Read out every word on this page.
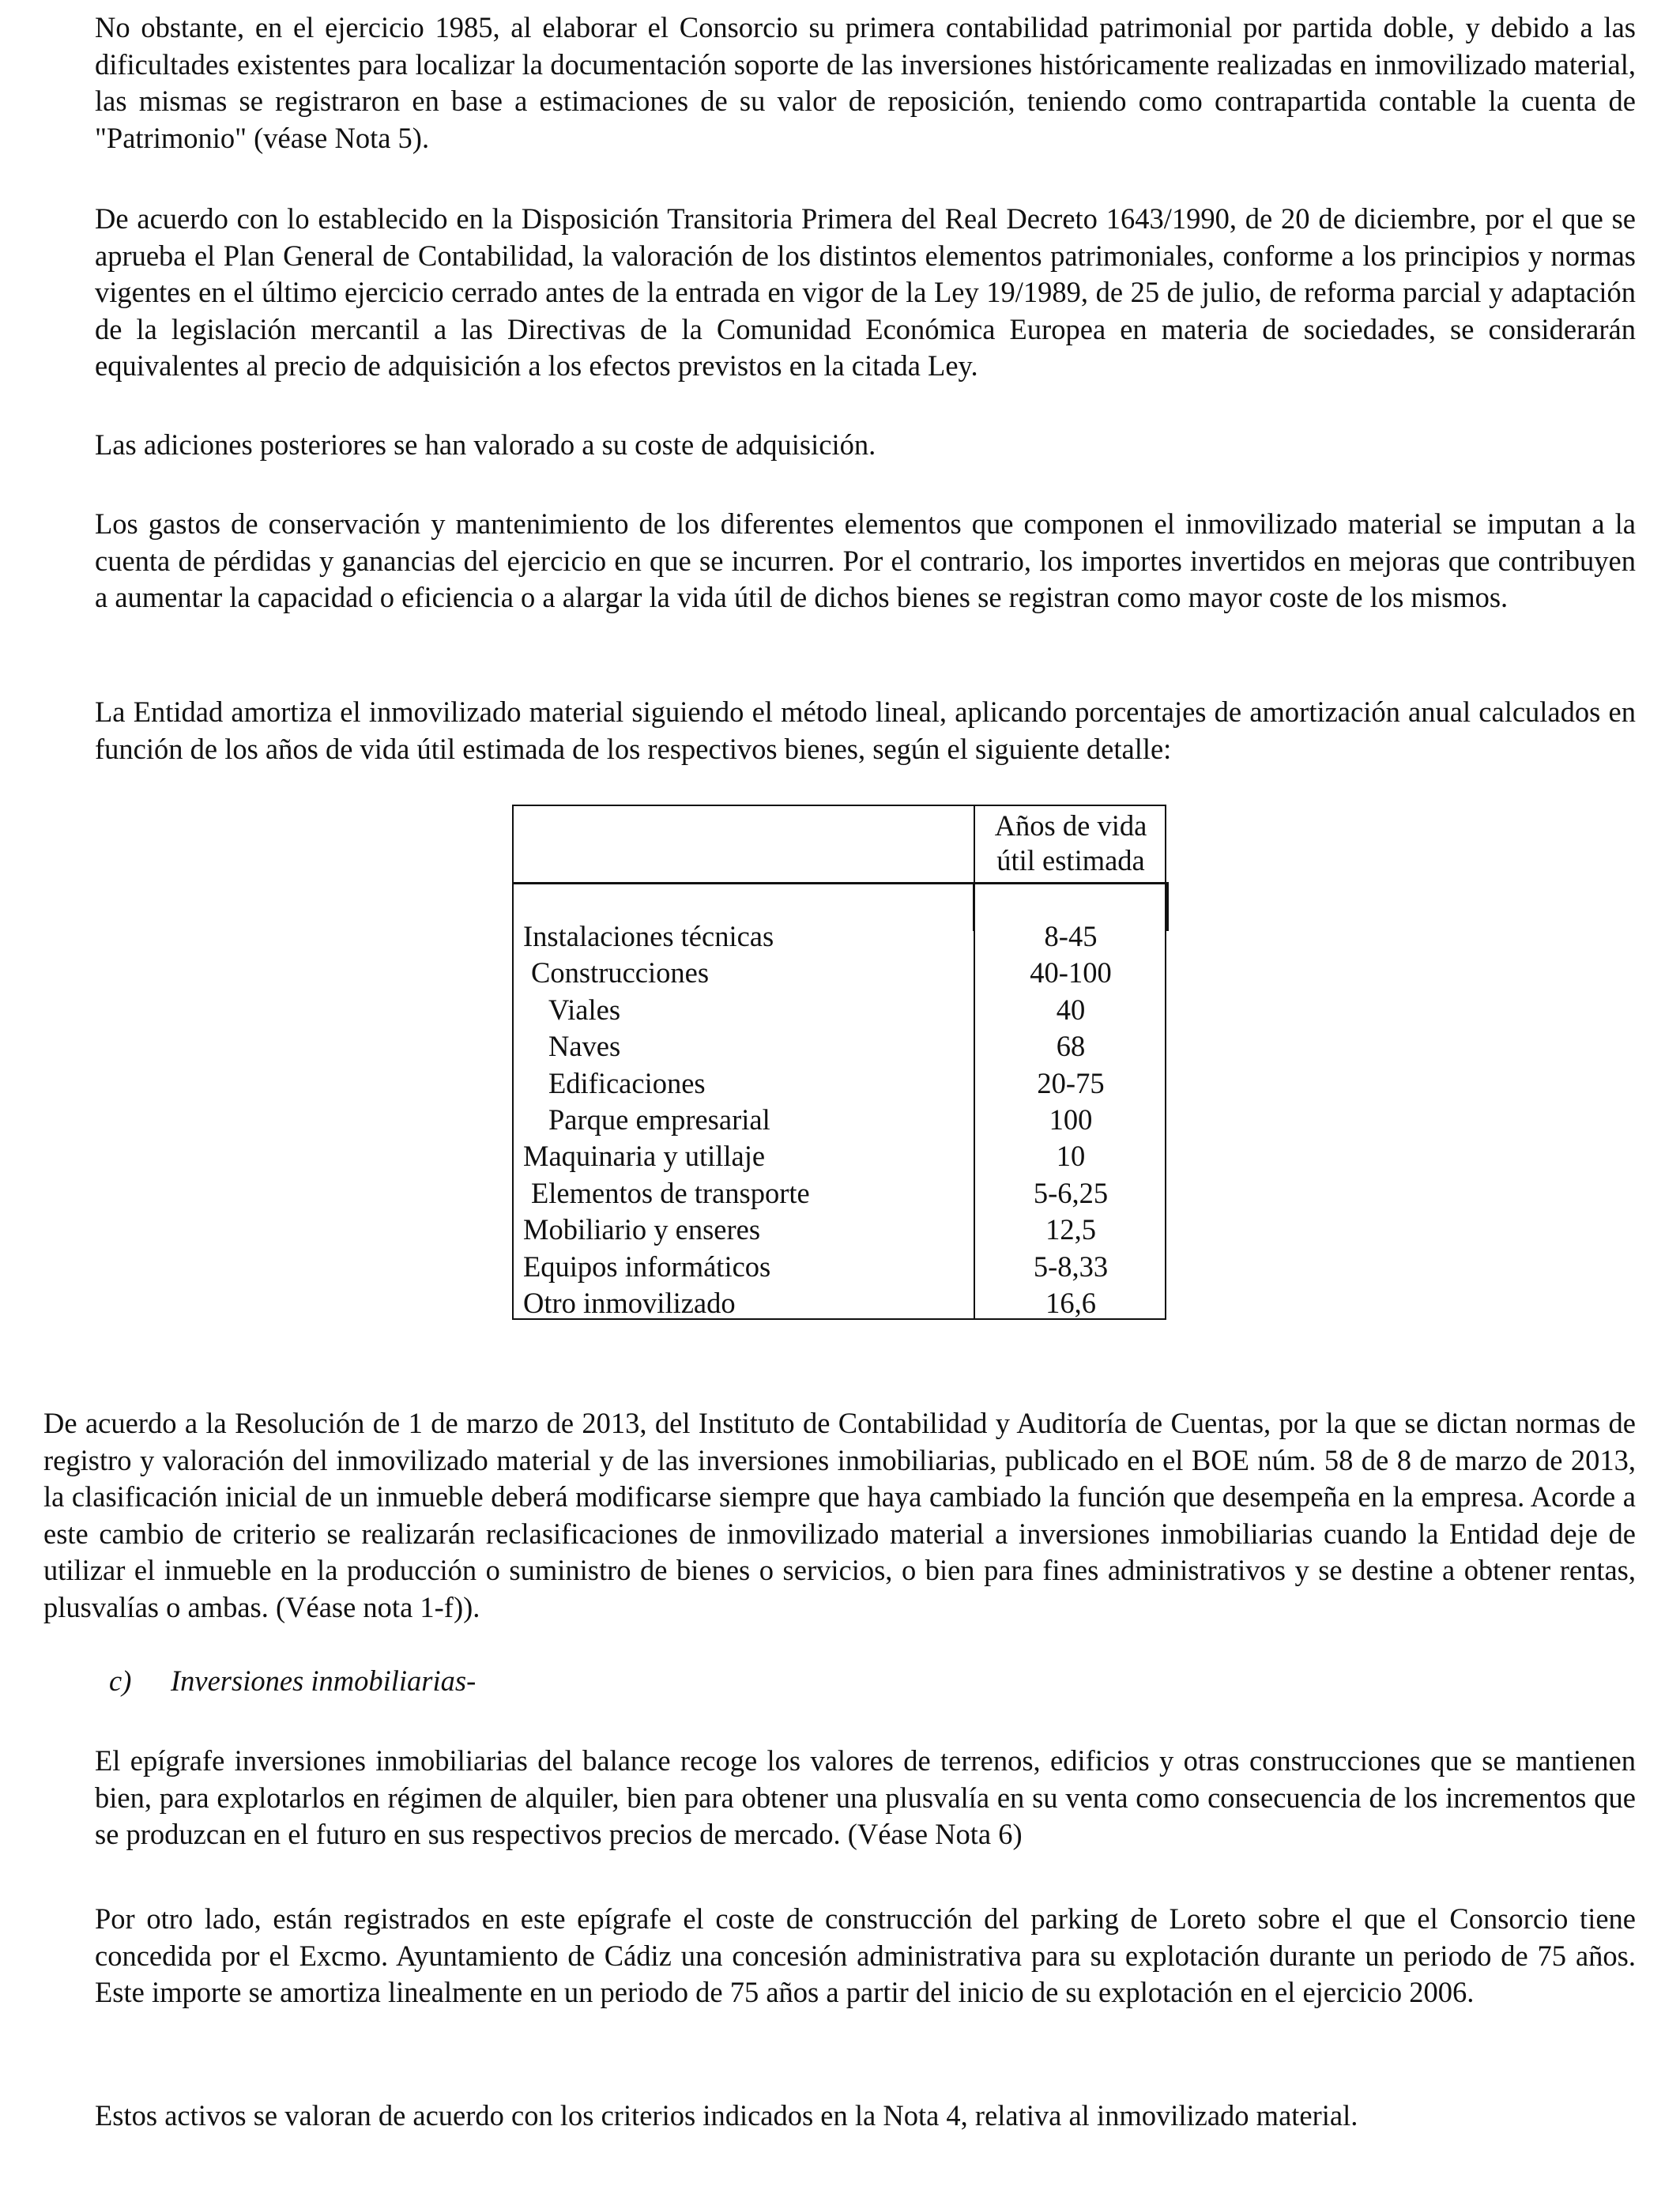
No obstante, en el ejercicio 1985, al elaborar el Consorcio su primera contabilidad patrimonial por partida doble, y debido a las dificultades existentes para localizar la documentación soporte de las inversiones históricamente realizadas en inmovilizado material, las mismas se registraron en base a estimaciones de su valor de reposición, teniendo como contrapartida contable la cuenta de "Patrimonio" (véase Nota 5).

De acuerdo con lo establecido en la Disposición Transitoria Primera del Real Decreto 1643/1990, de 20 de diciembre, por el que se aprueba el Plan General de Contabilidad, la valoración de los distintos elementos patrimoniales, conforme a los principios y normas vigentes en el último ejercicio cerrado antes de la entrada en vigor de la Ley 19/1989, de 25 de julio, de reforma parcial y adaptación de la legislación mercantil a las Directivas de la Comunidad Económica Europea en materia de sociedades, se considerarán equivalentes al precio de adquisición a los efectos previstos en la citada Ley.

Las adiciones posteriores se han valorado a su coste de adquisición.

Los gastos de conservación y mantenimiento de los diferentes elementos que componen el inmovilizado material se imputan a la cuenta de pérdidas y ganancias del ejercicio en que se incurren. Por el contrario, los importes invertidos en mejoras que contribuyen a aumentar la capacidad o eficiencia o a alargar la vida útil de dichos bienes se registran como mayor coste de los mismos.

La Entidad amortiza el inmovilizado material siguiendo el método lineal, aplicando porcentajes de amortización anual calculados en función de los años de vida útil estimada de los respectivos bienes, según el siguiente detalle:

Años de vida
útil estimada
Instalaciones técnicas
Construcciones
Viales
Naves
Edificaciones
Parque empresarial
Maquinaria y utillaje
Elementos de transporte
Mobiliario y enseres
Equipos informáticos
Otro inmovilizado
8-45
40-100
40
68
20-75
100
10
5-6,25
12,5
5-8,33
16,6

De acuerdo a la Resolución de 1 de marzo de 2013, del Instituto de Contabilidad y Auditoría de Cuentas, por la que se dictan normas de registro y valoración del inmovilizado material y de las inversiones inmobiliarias, publicado en el BOE núm. 58 de 8 de marzo de 2013, la clasificación inicial de un inmueble deberá modificarse siempre que haya cambiado la función que desempeña en la empresa. Acorde a este cambio de criterio se realizarán reclasificaciones de inmovilizado material a inversiones inmobiliarias cuando la Entidad deje de utilizar el inmueble en la producción o suministro de bienes o servicios, o bien para fines administrativos y se destine a obtener rentas, plusvalías o ambas. (Véase nota 1-f)).

c) Inversiones inmobiliarias-

El epígrafe inversiones inmobiliarias del balance recoge los valores de terrenos, edificios y otras construcciones que se mantienen bien, para explotarlos en régimen de alquiler, bien para obtener una plusvalía en su venta como consecuencia de los incrementos que se produzcan en el futuro en sus respectivos precios de mercado. (Véase Nota 6)

Por otro lado, están registrados en este epígrafe el coste de construcción del parking de Loreto sobre el que el Consorcio tiene concedida por el Excmo. Ayuntamiento de Cádiz una concesión administrativa para su explotación durante un periodo de 75 años. Este importe se amortiza linealmente en un periodo de 75 años a partir del inicio de su explotación en el ejercicio 2006.

Estos activos se valoran de acuerdo con los criterios indicados en la Nota 4, relativa al inmovilizado material.
